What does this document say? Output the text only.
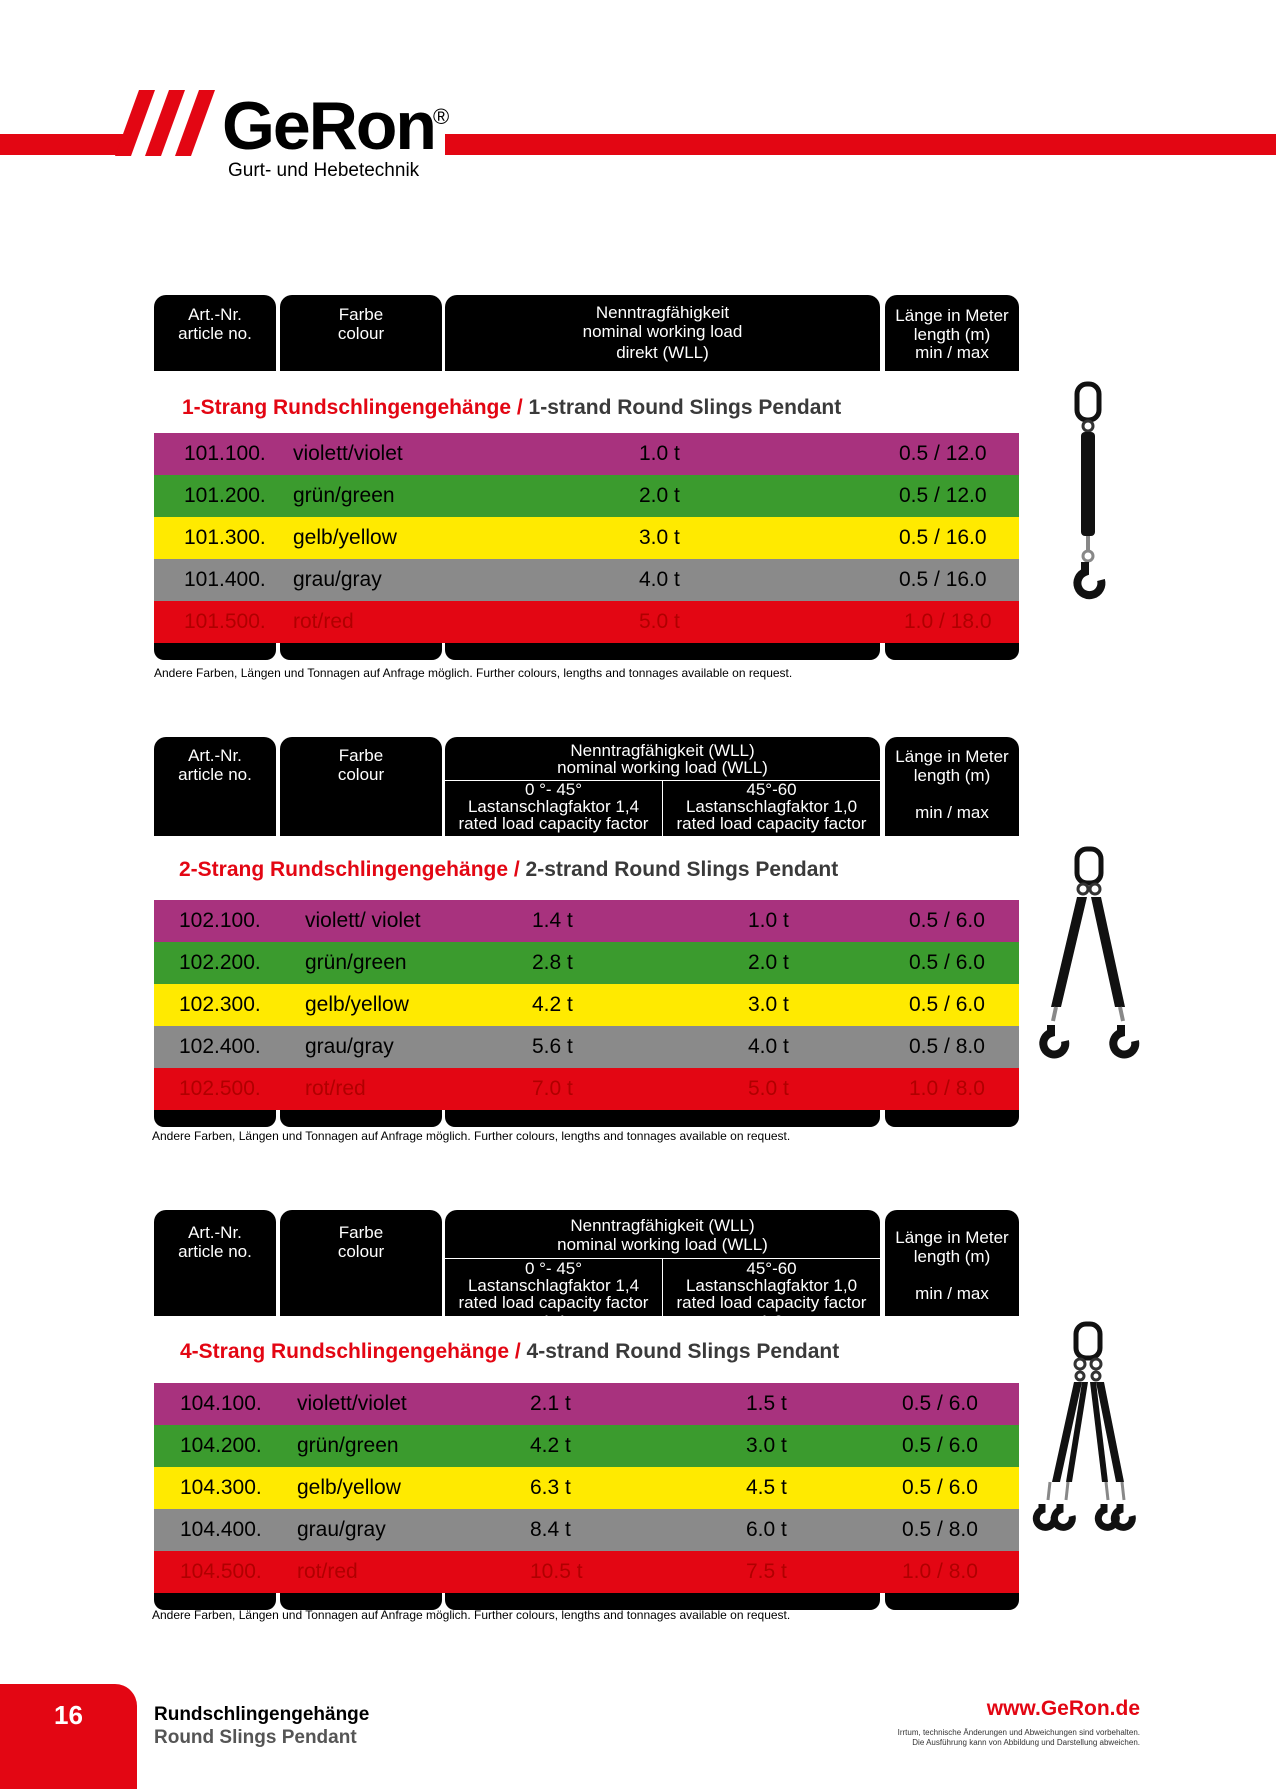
GeRon
®
Gurt- und Hebetechnik
Art.-Nr.
article no.
Farbe
colour
Nenntragfähigkeit
nominal working load
direkt (WLL)
Länge in Meter
length (m)
min / max
1-Strang Rundschlingengehänge / 1-strand Round Slings Pendant
101.100. violett/violet	1.0 t	0.5 / 12.0
101.200. grün/green	2.0 t	0.5 / 12.0
101.300. gelb/yellow	3.0 t	0.5 / 16.0
101.400. grau/gray	4.0 t	0.5 / 16.0
101.500. rot/red	5.0 t	1.0 / 18.0
Andere Farben, Längen und Tonnagen auf Anfrage möglich. Further colours, lengths and tonnages available on request.
Art.-Nr.
article no.
Farbe
colour
Nenntragfähigkeit (WLL)
nominal working load (WLL)
0 °- 45°
Lastanschlagfaktor 1,4
rated load capacity factor 1,4
45°-60
Lastanschlagfaktor 1,0
rated load capacity factor 1,0
Länge in Meter
length (m)
min / max
2-Strang Rundschlingengehänge / 2-strand Round Slings Pendant
102.100. violett/ violet	1.4 t	1.0 t	0.5 / 6.0
102.200. grün/green	2.8 t	2.0 t	0.5 / 6.0
102.300. gelb/yellow	4.2 t	3.0 t	0.5 / 6.0
102.400. grau/gray	5.6 t	4.0 t	0.5 / 8.0
102.500. rot/red	7.0 t	5.0 t	1.0 / 8.0
Andere Farben, Längen und Tonnagen auf Anfrage möglich. Further colours, lengths and tonnages available on request.
Art.-Nr.
article no.
Farbe
colour
Nenntragfähigkeit (WLL)
nominal working load (WLL)
0 °- 45°
Lastanschlagfaktor 1,4
rated load capacity factor 1,4
45°-60
Lastanschlagfaktor 1,0
rated load capacity factor 1,0
Länge in Meter
length (m)
min / max
4-Strang Rundschlingengehänge / 4-strand Round Slings Pendant
104.100. violett/violet	2.1 t	1.5 t	0.5 / 6.0
104.200. grün/green	4.2 t	3.0 t	0.5 / 6.0
104.300. gelb/yellow	6.3 t	4.5 t	0.5 / 6.0
104.400. grau/gray	8.4 t	6.0 t	0.5 / 8.0
104.500. rot/red	10.5 t	7.5 t	1.0 / 8.0
Andere Farben, Längen und Tonnagen auf Anfrage möglich. Further colours, lengths and tonnages available on request.
16	Rundschlingengehänge
Round Slings Pendant
www.GeRon.de
Irrtum, technische Änderungen und Abweichungen sind vorbehalten.
Die Ausführung kann von Abbildung und Darstellung abweichen.
